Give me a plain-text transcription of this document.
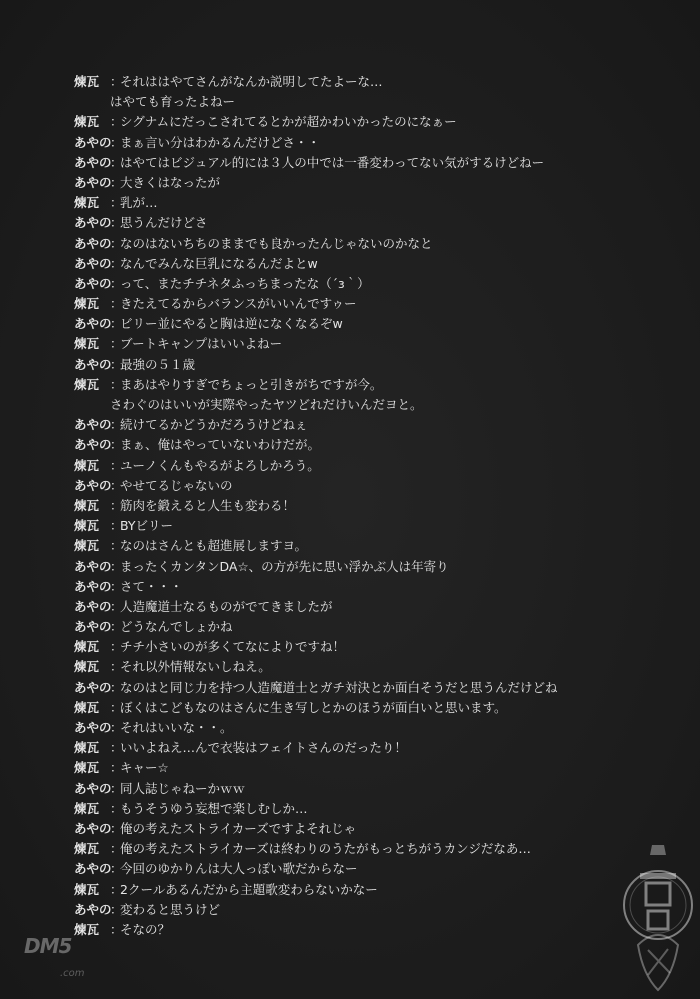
煉瓦 ：
それははやてさんがなんか説明してたよーな…
はやても育ったよねー
煉瓦 ：
シグナムにだっこされてるとかが超かわいかったのになぁー
あやの
：
まぁ言い分はわかるんだけどさ・・
あやの
：
はやてはビジュアル的には３人の中では一番変わってない気がするけどねー
あやの
：
大きくはなったが
煉瓦 ：
乳が…
あやの
：
思うんだけどさ
あやの
：
なのはないちちのままでも良かったんじゃないのかなと
あやの
：
なんでみんな巨乳になるんだよとw
あやの
：
って、またチチネタふっちまったな（´з｀）
煉瓦 ：
きたえてるからバランスがいいんですゥー
あやの
：
ビリー並にやると胸は逆になくなるぞw
煉瓦 ：
ブートキャンプはいいよねー
あやの
：
最強の５１歳
煉瓦 ：
まあはやりすぎでちょっと引きがちですが今。
さわぐのはいいが実際やったヤツどれだけいんだヨと。
あやの
：
続けてるかどうかだろうけどねぇ
あやの
：
まぁ、俺はやっていないわけだが。
煉瓦 ：
ユーノくんもやるがよろしかろう。
あやの
：
やせてるじゃないの
煉瓦 ：
筋肉を鍛えると人生も変わる！
煉瓦 ：
BYビリー
煉瓦 ：
なのはさんとも超進展しますヨ。
あやの
：
まったくカンタンDA☆、の方が先に思い浮かぶ人は年寄り
あやの
：
さて・・・
あやの
：
人造魔道士なるものがでてきましたが
あやの
：
どうなんでしょかね
煉瓦 ：
チチ小さいのが多くてなによりですね！
煉瓦 ：
それ以外情報ないしねえ。
あやの
：
なのはと同じ力を持つ人造魔道士とガチ対決とか面白そうだと思うんだけどね
煉瓦 ：
ぼくはこどもなのはさんに生き写しとかのほうが面白いと思います。
あやの
：
それはいいな・・。
煉瓦 ：
いいよねえ…んで衣装はフェイトさんのだったり！
煉瓦 ：
キャー☆
あやの
：
同人誌じゃねーかｗｗ
煉瓦 ：
もうそうゆう妄想で楽しむしか…
あやの
：
俺の考えたストライカーズですよそれじゃ
煉瓦 ：
俺の考えたストライカーズは終わりのうたがもっとちがうカンジだなあ…
あやの
：
今回のゆかりんは大人っぽい歌だからなー
煉瓦 ：
2クールあるんだから主題歌変わらないかなー
あやの
：
変わると思うけど
煉瓦 ：
そなの？
DM5
.com
